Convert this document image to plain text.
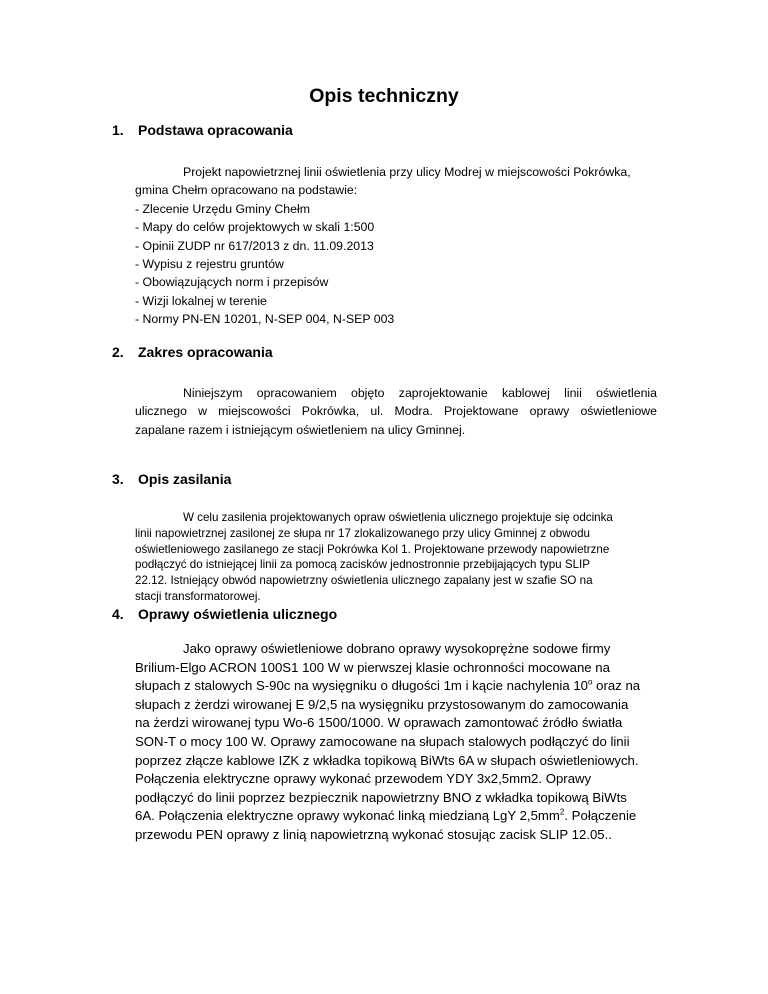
Opis techniczny
1. Podstawa opracowania
Projekt napowietrznej linii oświetlenia przy ulicy Modrej w miejscowości Pokrówka,
gmina Chełm opracowano na podstawie:
- Zlecenie Urzędu Gminy Chełm
- Mapy do celów projektowych w skali 1:500
- Opinii ZUDP nr 617/2013 z dn. 11.09.2013
- Wypisu z rejestru gruntów
- Obowiązujących norm i przepisów
- Wizji lokalnej w terenie
- Normy PN-EN 10201, N-SEP 004, N-SEP 003
2. Zakres opracowania
Niniejszym opracowaniem objęto zaprojektowanie kablowej linii oświetlenia
ulicznego w miejscowości Pokrówka, ul. Modra. Projektowane oprawy oświetleniowe
zapalane razem i istniejącym oświetleniem na ulicy Gminnej.
3. Opis zasilania
W celu zasilenia projektowanych opraw oświetlenia ulicznego projektuje się odcinka
linii napowietrznej zasilonej ze słupa nr 17 zlokalizowanego przy ulicy Gminnej z obwodu
oświetleniowego zasilanego ze stacji Pokrówka Kol 1. Projektowane przewody napowietrzne
podłączyć do istniejącej linii za pomocą zacisków jednostronnie przebijających typu SLIP
22.12. Istniejący obwód napowietrzny oświetlenia ulicznego zapalany jest w szafie SO na
stacji transformatorowej.
4. Oprawy oświetlenia ulicznego
Jako oprawy oświetleniowe dobrano oprawy wysokoprężne sodowe firmy
Brilium-Elgo ACRON 100S1 100 W w pierwszej klasie ochronności mocowane na
słupach z stalowych S-90c na wysięgniku o długości 1m i kącie nachylenia 10$^o$ oraz na
słupach z żerdzi wirowanej E 9/2,5 na wysięgniku przystosowanym do zamocowania
na żerdzi wirowanej typu Wo-6 1500/1000. W oprawach zamontować źródło światła
SON-T o mocy 100 W. Oprawy zamocowane na słupach stalowych podłączyć do linii
poprzez złącze kablowe IZK z wkładka topikową BiWts 6A w słupach oświetleniowych.
Połączenia elektryczne oprawy wykonać przewodem YDY 3x2,5mm2. Oprawy
podłączyć do linii poprzez bezpiecznik napowietrzny BNO z wkładka topikową BiWts
6A. Połączenia elektryczne oprawy wykonać linką miedzianą LgY $2,5mm^2$. Połączenie
przewodu PEN oprawy z linią napowietrzną wykonać stosując zacisk SLIP 12.05..
